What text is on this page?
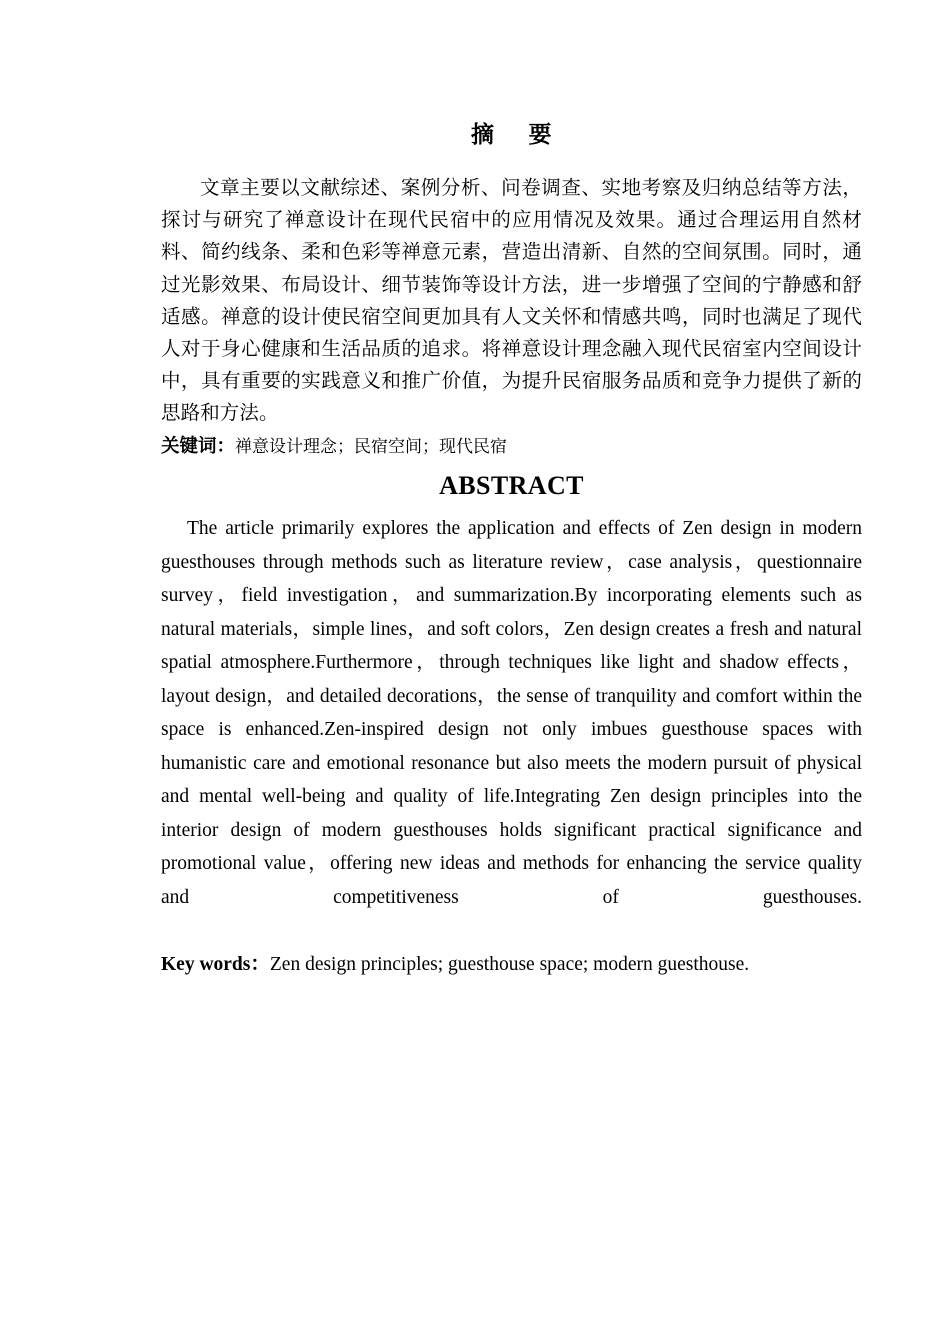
摘    要

文章主要以文献综述、案例分析、问卷调查、实地考察及归纳总结等方法，探讨与研究了禅意设计在现代民宿中的应用情况及效果。通过合理运用自然材料、简约线条、柔和色彩等禅意元素，营造出清新、自然的空间氛围。同时，通过光影效果、布局设计、细节装饰等设计方法，进一步增强了空间的宁静感和舒适感。禅意的设计使民宿空间更加具有人文关怀和情感共鸣，同时也满足了现代人对于身心健康和生活品质的追求。将禅意设计理念融入现代民宿室内空间设计中，具有重要的实践意义和推广价值，为提升民宿服务品质和竞争力提供了新的思路和方法。

关键词：禅意设计理念；民宿空间；现代民宿

ABSTRACT

The article primarily explores the application and effects of Zen design in modern guesthouses through methods such as literature review，case analysis，questionnaire survey，field investigation，and summarization.By incorporating elements such as natural materials，simple lines，and soft colors，Zen design creates a fresh and natural spatial atmosphere.Furthermore，through techniques like light and shadow effects，layout design，and detailed decorations，the sense of tranquility and comfort within the space is enhanced.Zen-inspired design not only imbues guesthouse spaces with humanistic care and emotional resonance but also meets the modern pursuit of physical and mental well-being and quality of life.Integrating Zen design principles into the interior design of modern guesthouses holds significant practical significance and promotional value，offering new ideas and methods for enhancing the service quality and competitiveness of guesthouses.

Key words：Zen design principles; guesthouse space; modern guesthouse.
